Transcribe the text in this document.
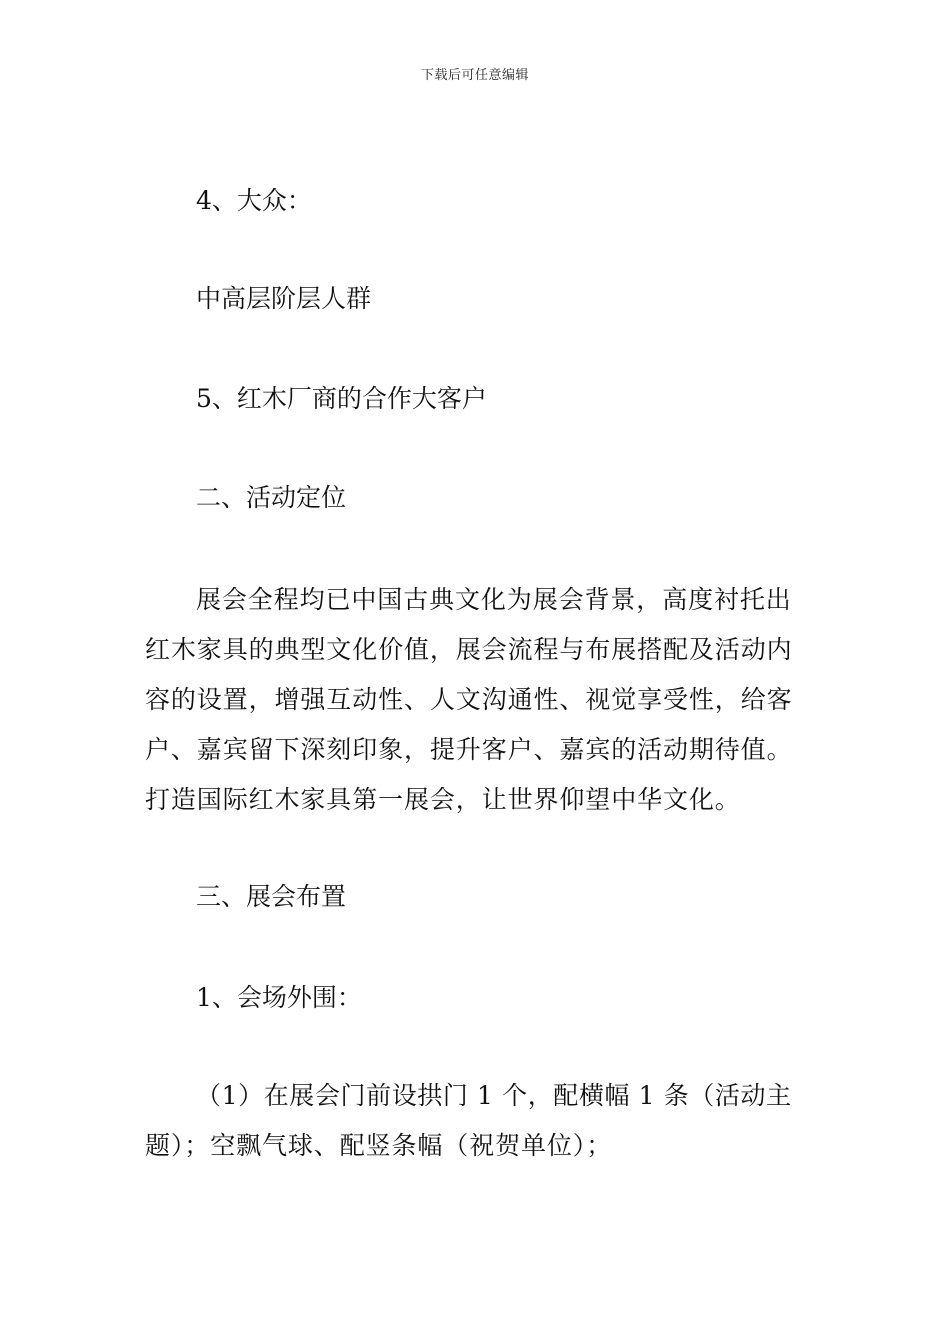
下载后可任意编辑
4、大众：
中高层阶层人群
5、红木厂商的合作大客户
二、活动定位
展会全程均已中国古典文化为展会背景，高度衬托出
红木家具的典型文化价值，展会流程与布展搭配及活动内
容的设置，增强互动性、人文沟通性、视觉享受性，给客
户、嘉宾留下深刻印象，提升客户、嘉宾的活动期待值。
打造国际红木家具第一展会，让世界仰望中华文化。
三、展会布置
1、会场外围：
（1）在展会门前设拱门 1 个，配横幅 1 条（活动主
题）；空飘气球、配竖条幅（祝贺单位）；
